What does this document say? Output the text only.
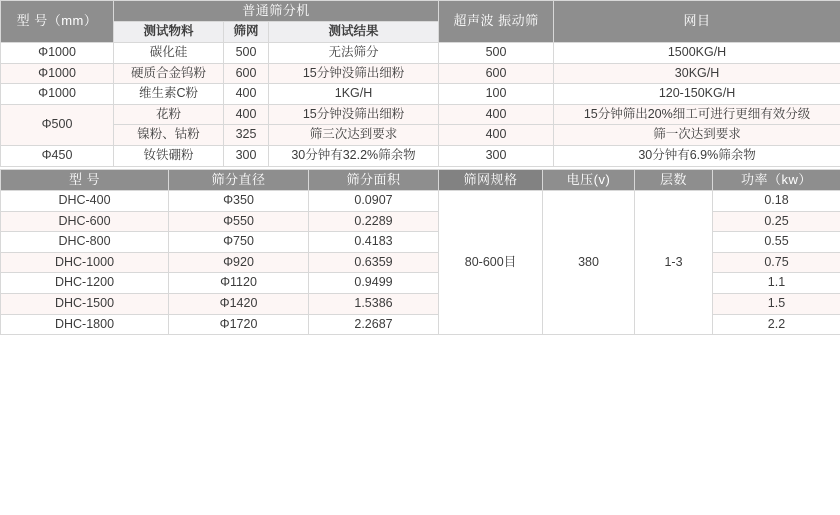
型 号（mm）	普通筛分机			超声波 振动筛	网目
	测试物料	筛网	测试结果		
Φ1000	碳化硅	500	无法筛分	500	1500KG/H
Φ1000	硬质合金钨粉	600	15分钟没筛出细粉	600	30KG/H
Φ1000	维生素C粉	400	1KG/H	100	120-150KG/H
Φ500	花粉	400	15分钟没筛出细粉	400	15分钟筛出20%细工可进行更细有效分级
	镍粉、钴粉	325	筛三次达到要求	400	筛一次达到要求
Φ450	钕铁硼粉	300	30分钟有32.2%筛余物	300	30分钟有6.9%筛余物
型 号	筛分直径	筛分面积	筛网规格	电压(v)	层数	功率（kw）
DHC-400	Φ350	0.0907	80-600目	380	1-3	0.18
DHC-600	Φ550	0.2289				0.25
DHC-800	Φ750	0.4183				0.55
DHC-1000	Φ920	0.6359				0.75
DHC-1200	Φ1120	0.9499				1.1
DHC-1500	Φ1420	1.5386				1.5
DHC-1800	Φ1720	2.2687				2.2
